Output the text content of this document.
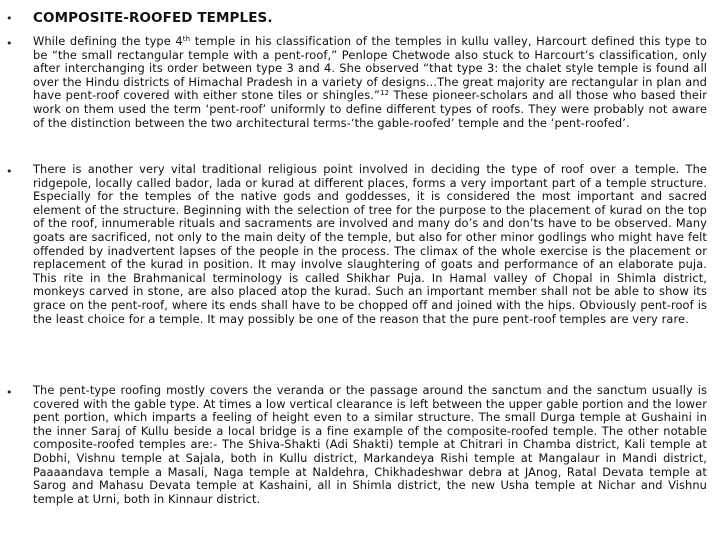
• COMPOSITE-ROOFED TEMPLES.
• While defining the type 4th temple in his classification of the temples in kullu valley, Harcourt defined this type to be “the small rectangular temple with a pent-roof,” Penlope Chetwode also stuck to Harcourt’s classification, only after interchanging its order between type 3 and 4. She observed “that type 3: the chalet style temple is found all over the Hindu districts of Himachal Pradesh in a variety of designs...The great majority are rectangular in plan and have pent-roof covered with either stone tiles or shingles.”$^{12}$ These pioneer-scholars and all those who based their work on them used the term ‘pent-roof’ uniformly to define different types of roofs. They were probably not aware of the distinction between the two architectural terms-‘the gable-roofed’ temple and the ‘pent-roofed’.
• There is another very vital traditional religious point involved in deciding the type of roof over a temple. The ridgepole, locally called bador, lada or kurad at different places, forms a very important part of a temple structure. Especially for the temples of the native gods and goddesses, it is considered the most important and sacred element of the structure. Beginning with the selection of tree for the purpose to the placement of kurad on the top of the roof, innumerable rituals and sacraments are involved and many do’s and don’ts have to be observed. Many goats are sacrificed, not only to the main deity of the temple, but also for other minor godlings who might have felt offended by inadvertent lapses of the people in the process. The climax of the whole exercise is the placement or replacement of the kurad in position. It may involve slaughtering of goats and performance of an elaborate puja. This rite in the Brahmanical terminology is called Shikhar Puja. In Hamal valley of Chopal in Shimla district, monkeys carved in stone, are also placed atop the kurad. Such an important member shall not be able to show its grace on the pent-roof, where its ends shall have to be chopped off and joined with the hips. Obviously pent-roof is the least choice for a temple. It may possibly be one of the reason that the pure pent-roof temples are very rare.
• The pent-type roofing mostly covers the veranda or the passage around the sanctum and the sanctum usually is covered with the gable type. At times a low vertical clearance is left between the upper gable portion and the lower pent portion, which imparts a feeling of height even to a similar structure. The small Durga temple at Gushaini in the inner Saraj of Kullu beside a local bridge is a fine example of the composite-roofed temple. The other notable composite-roofed temples are:- The Shiva-Shakti (Adi Shakti) temple at Chitrari in Chamba district, Kali temple at Dobhi, Vishnu temple at Sajala, both in Kullu district, Markandeya Rishi temple at Mangalaur in Mandi district, Paaaandava temple a Masali, Naga temple at Naldehra, Chikhadeshwar debra at JAnog, Ratal Devata temple at Sarog and Mahasu Devata temple at Kashaini, all in Shimla district, the new Usha temple at Nichar and Vishnu temple at Urni, both in Kinnaur district.
